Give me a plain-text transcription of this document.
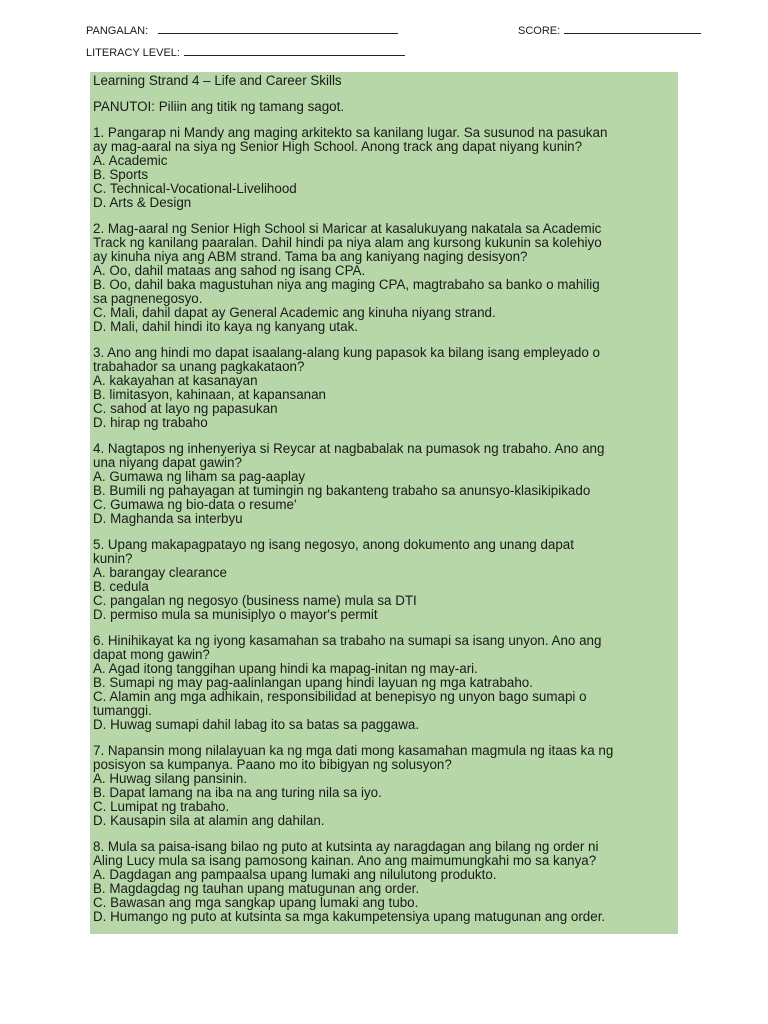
PANGALAN:	SCORE:
LITERACY LEVEL:
Learning Strand 4 – Life and Career Skills
PANUTOI: Piliin ang titik ng tamang sagot.
1. Pangarap ni Mandy ang maging arkitekto sa kanilang lugar. Sa susunod na pasukan
ay mag-aaral na siya ng Senior High School. Anong track ang dapat niyang kunin?
A. Academic
B. Sports
C. Technical-Vocational-Livelihood
D. Arts & Design
2. Mag-aaral ng Senior High School si Maricar at kasalukuyang nakatala sa Academic
Track ng kanilang paaralan. Dahil hindi pa niya alam ang kursong kukunin sa kolehiyo
ay kinuha niya ang ABM strand. Tama ba ang kaniyang naging desisyon?
A. Oo, dahil mataas ang sahod ng isang CPA.
B. Oo, dahil baka magustuhan niya ang maging CPA, magtrabaho sa banko o mahilig
sa pagnenegosyo.
C. Mali, dahil dapat ay General Academic ang kinuha niyang strand.
D. Mali, dahil hindi ito kaya ng kanyang utak.
3. Ano ang hindi mo dapat isaalang-alang kung papasok ka bilang isang empleyado o
trabahador sa unang pagkakataon?
A. kakayahan at kasanayan
B. limitasyon, kahinaan, at kapansanan
C. sahod at layo ng papasukan
D. hirap ng trabaho
4. Nagtapos ng inhenyeriya si Reycar at nagbabalak na pumasok ng trabaho. Ano ang
una niyang dapat gawin?
A. Gumawa ng liham sa pag-aaplay
B. Bumili ng pahayagan at tumingin ng bakanteng trabaho sa anunsyo-klasikipikado
C. Gumawa ng bio-data o resume'
D. Maghanda sa interbyu
5. Upang makapagpatayo ng isang negosyo, anong dokumento ang unang dapat
kunin?
A. barangay clearance
B. cedula
C. pangalan ng negosyo (business name) mula sa DTI
D. permiso mula sa munisiplyo o mayor's permit
6. Hinihikayat ka ng iyong kasamahan sa trabaho na sumapi sa isang unyon. Ano ang
dapat mong gawin?
A. Agad itong tanggihan upang hindi ka mapag-initan ng may-ari.
B. Sumapi ng may pag-aalinlangan upang hindi layuan ng mga katrabaho.
C. Alamin ang mga adhikain, responsibilidad at benepisyo ng unyon bago sumapi o
tumanggi.
D. Huwag sumapi dahil labag ito sa batas sa paggawa.
7. Napansin mong nilalayuan ka ng mga dati mong kasamahan magmula ng itaas ka ng
posisyon sa kumpanya. Paano mo ito bibigyan ng solusyon?
A. Huwag silang pansinin.
B. Dapat lamang na iba na ang turing nila sa iyo.
C. Lumipat ng trabaho.
D. Kausapin sila at alamin ang dahilan.
8. Mula sa paisa-isang bilao ng puto at kutsinta ay naragdagan ang bilang ng order ni
Aling Lucy mula sa isang pamosong kainan. Ano ang maimumungkahi mo sa kanya?
A. Dagdagan ang pampaalsa upang lumaki ang nilulutong produkto.
B. Magdagdag ng tauhan upang matugunan ang order.
C. Bawasan ang mga sangkap upang lumaki ang tubo.
D. Humango ng puto at kutsinta sa mga kakumpetensiya upang matugunan ang order.
